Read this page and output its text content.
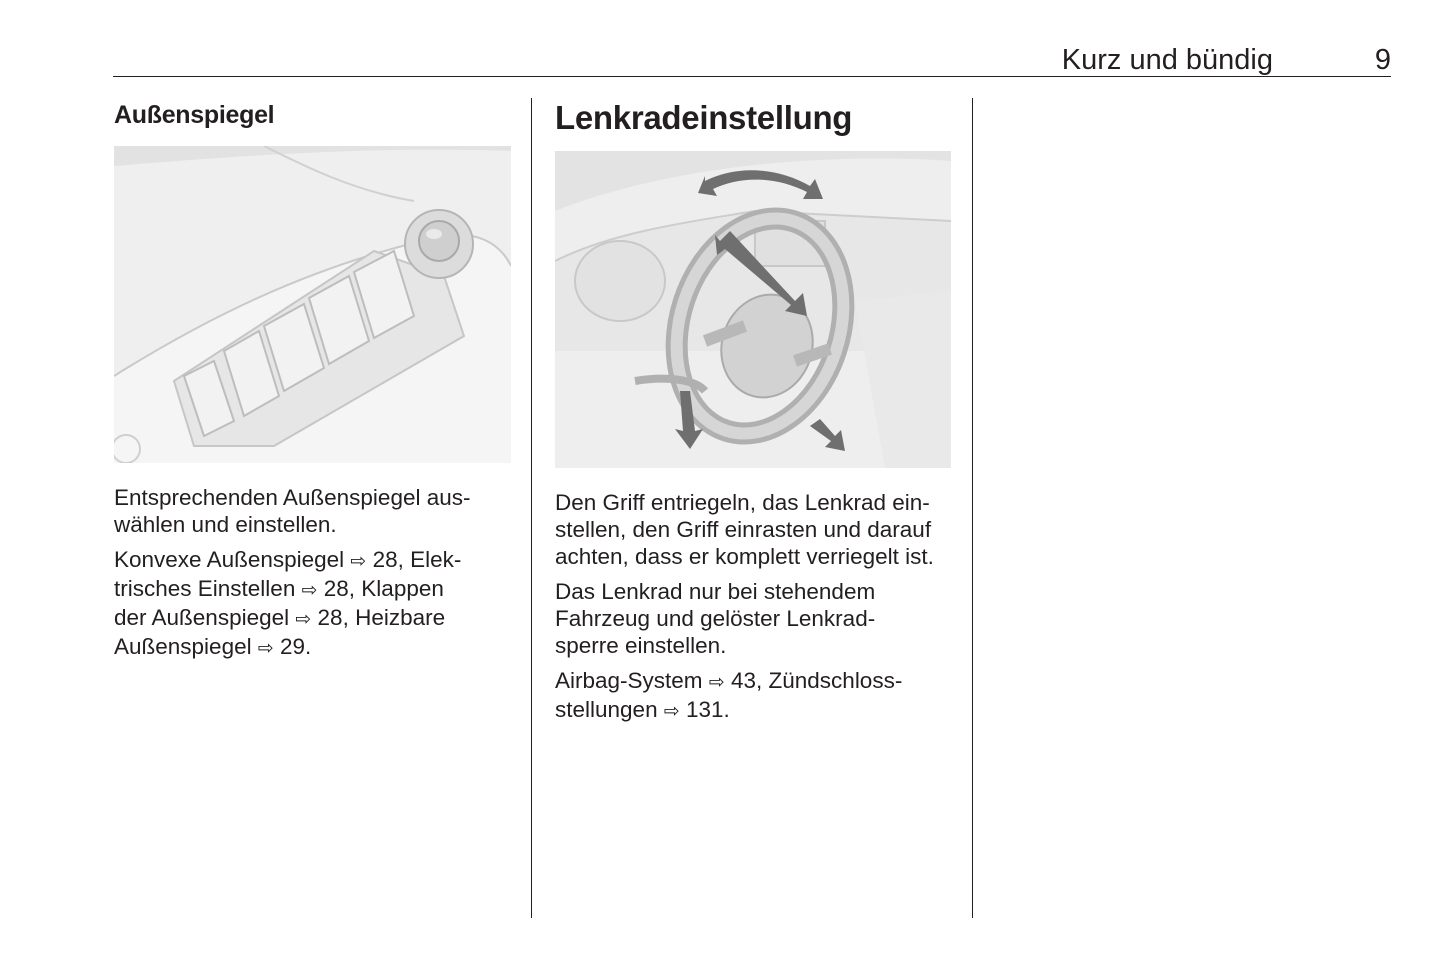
Kurz und bündig	9
Außenspiegel

Entsprechenden Außenspiegel aus-
wählen und einstellen.

Konvexe Außenspiegel ⇨ 28, Elek-
trisches Einstellen ⇨ 28, Klappen
der Außenspiegel ⇨ 28, Heizbare
Außenspiegel ⇨ 29.

Lenkradeinstellung

Den Griff entriegeln, das Lenkrad ein-
stellen, den Griff einrasten und darauf
achten, dass er komplett verriegelt ist.

Das Lenkrad nur bei stehendem
Fahrzeug und gelöster Lenkrad-
sperre einstellen.

Airbag-System ⇨ 43, Zündschloss-
stellungen ⇨ 131.
